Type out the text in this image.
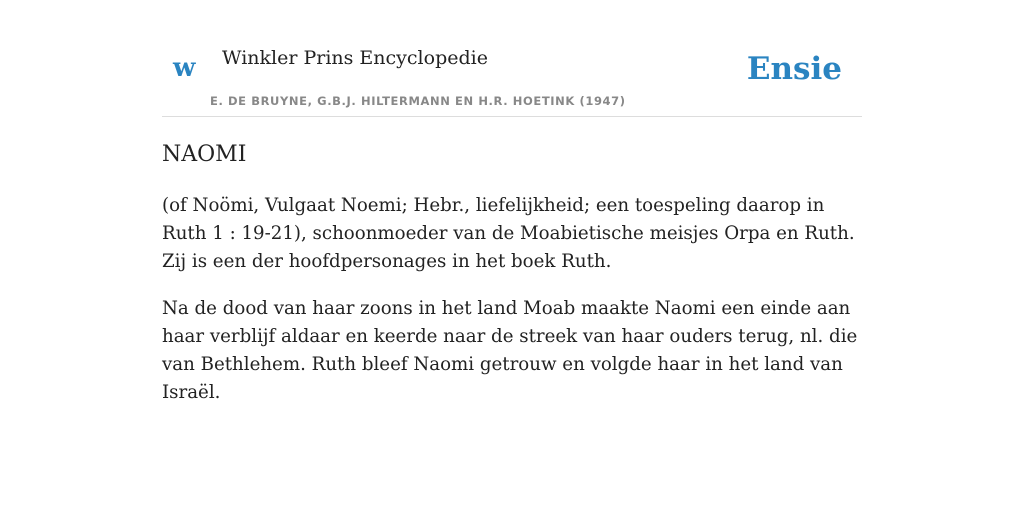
w Winkler Prins Encyclopedie
E. DE BRUYNE, G.B.J. HILTERMANN EN H.R. HOETINK (1947)
Ensie
NAOMI

(of Noömi, Vulgaat Noemi; Hebr., liefelijkheid; een toespeling daarop in Ruth 1 : 19-21), schoonmoeder van de Moabietische meisjes Orpa en Ruth. Zij is een der hoofdpersonages in het boek Ruth.

Na de dood van haar zoons in het land Moab maakte Naomi een einde aan haar verblijf aldaar en keerde naar de streek van haar ouders terug, nl. die van Bethlehem. Ruth bleef Naomi getrouw en volgde haar in het land van Israël.
